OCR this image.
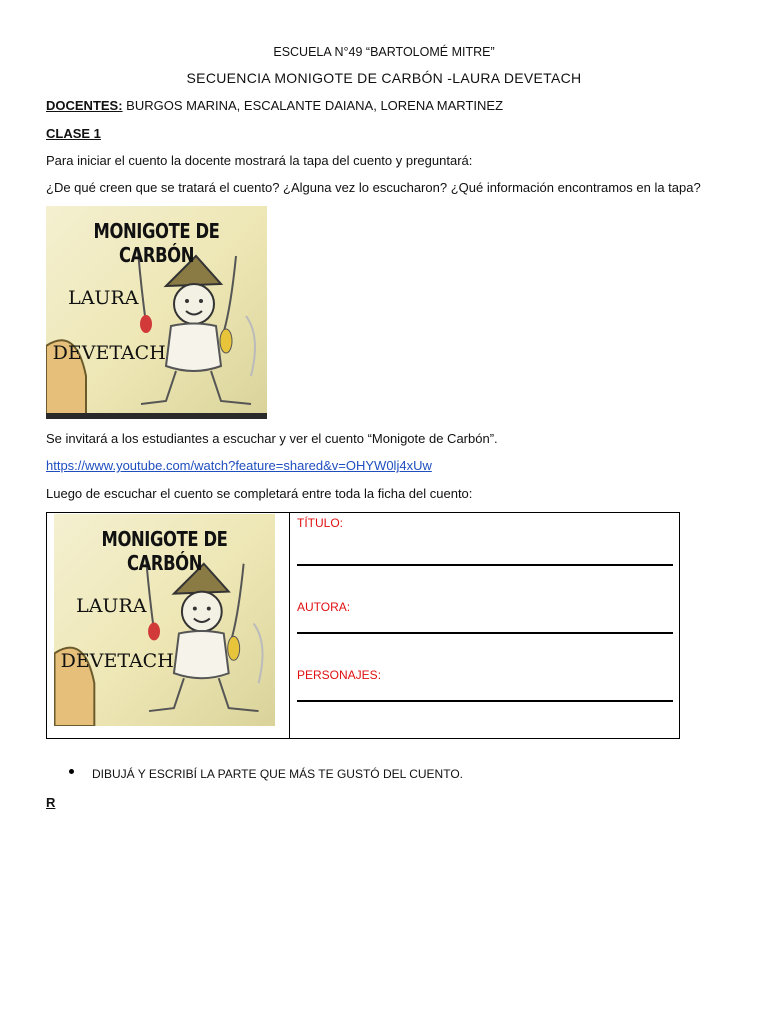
ESCUELA N°49 “BARTOLOMÉ MITRE”
SECUENCIA MONIGOTE DE CARBÓN -LAURA DEVETACH
DOCENTES: BURGOS MARINA, ESCALANTE DAIANA, LORENA MARTINEZ
CLASE 1
Para iniciar el cuento la docente mostrará la tapa del cuento y preguntará:
¿De qué creen que se tratará el cuento? ¿Alguna vez lo escucharon? ¿Qué información encontramos en la tapa?
MONIGOTE DE CARBÓN
LAURA
DEVETACH
Se invitará a los estudiantes a escuchar y ver el cuento “Monigote de Carbón”.
https://www.youtube.com/watch?feature=shared&v=OHYW0lj4xUw
Luego de escuchar el cuento se completará entre toda la ficha del cuento:
MONIGOTE DE CARBÓN
LAURA
DEVETACH
TÍTULO:
AUTORA:
PERSONAJES:
DIBUJÁ Y ESCRIBÍ LA PARTE QUE MÁS TE GUSTÓ DEL CUENTO.
R
